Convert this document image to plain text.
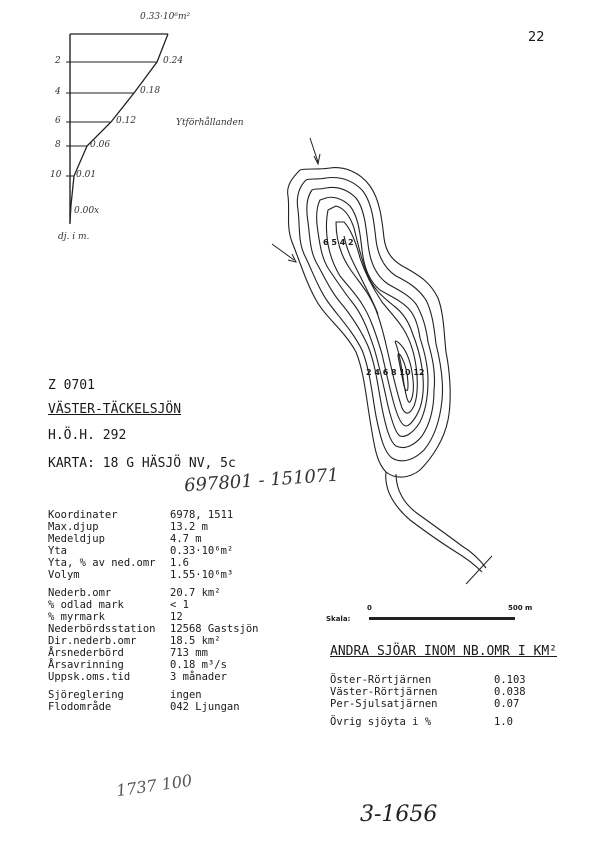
22
0.33·10⁶m²
0.24
0.18
0.12
0.06
0.01
0.00x
2
4
6
8
10
dj. i m.
Ytförhållanden
6 5 4 2
2 4 6 8 10 12
Z 0701
VÄSTER-TÄCKELSJÖN
H.Ö.H. 292
KARTA: 18 G HÄSJÖ NV, 5c
697801 - 151071
Koordinater	6978, 1511
Max.djup	13.2 m
Medeldjup	4.7 m
Yta	0.33·10⁶m²
Yta, % av ned.omr 1.6
Volym	1.55·10⁶m³
Nederb.omr	20.7 km²
% odlad mark	< 1
% myrmark	12
Nederbördsstation 12568 Gastsjön
Dir.nederb.omr	18.5 km²
Årsnederbörd	713 mm
Årsavrinning	0.18 m³/s
Uppsk.oms.tid	3 månader
Sjöreglering	ingen
Flodområde	042 Ljungan
Skala:
0	500 m
ANDRA SJÖAR INOM NB.OMR I KM²
Öster-Rörtjärnen	0.103
Väster-Rörtjärnen	0.038
Per-Sjulsatjärnen	0.07
Övrig sjöyta i %	1.0
1737 100
3-1656
